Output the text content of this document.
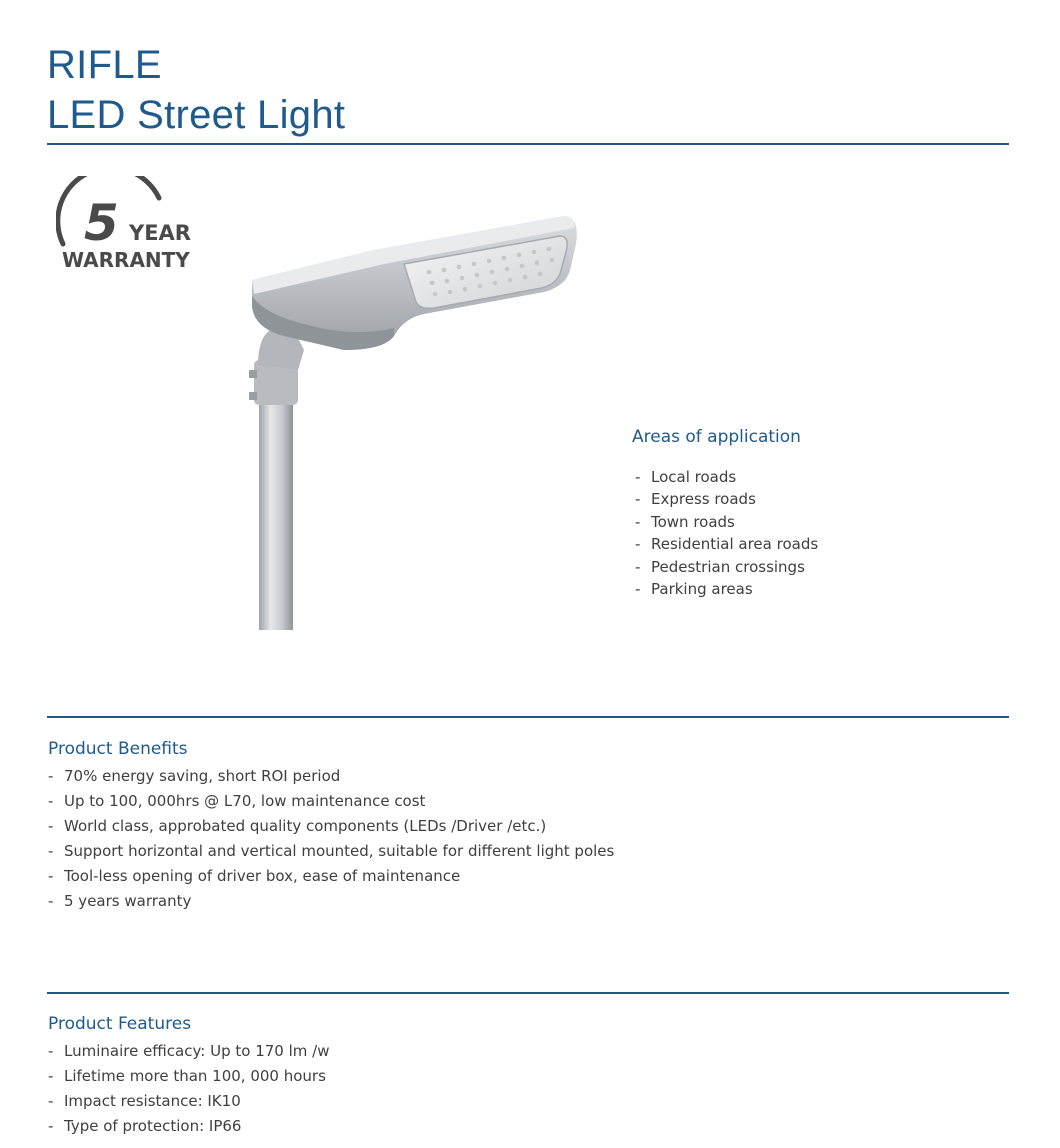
RIFLE
LED Street Light
5 YEAR
WARRANTY
Areas of application
- Local roads
- Express roads
- Town roads
- Residential area roads
- Pedestrian crossings
- Parking areas
Product Benefits
- 70% energy saving, short ROI period
- Up to 100, 000hrs @ L70, low maintenance cost
- World class, approbated quality components (LEDs /Driver /etc.)
- Support horizontal and vertical mounted, suitable for different light poles
- Tool-less opening of driver box, ease of maintenance
- 5 years warranty
Product Features
- Luminaire efficacy: Up to 170 lm /w
- Lifetime more than 100, 000 hours
- Impact resistance: IK10
- Type of protection: IP66
